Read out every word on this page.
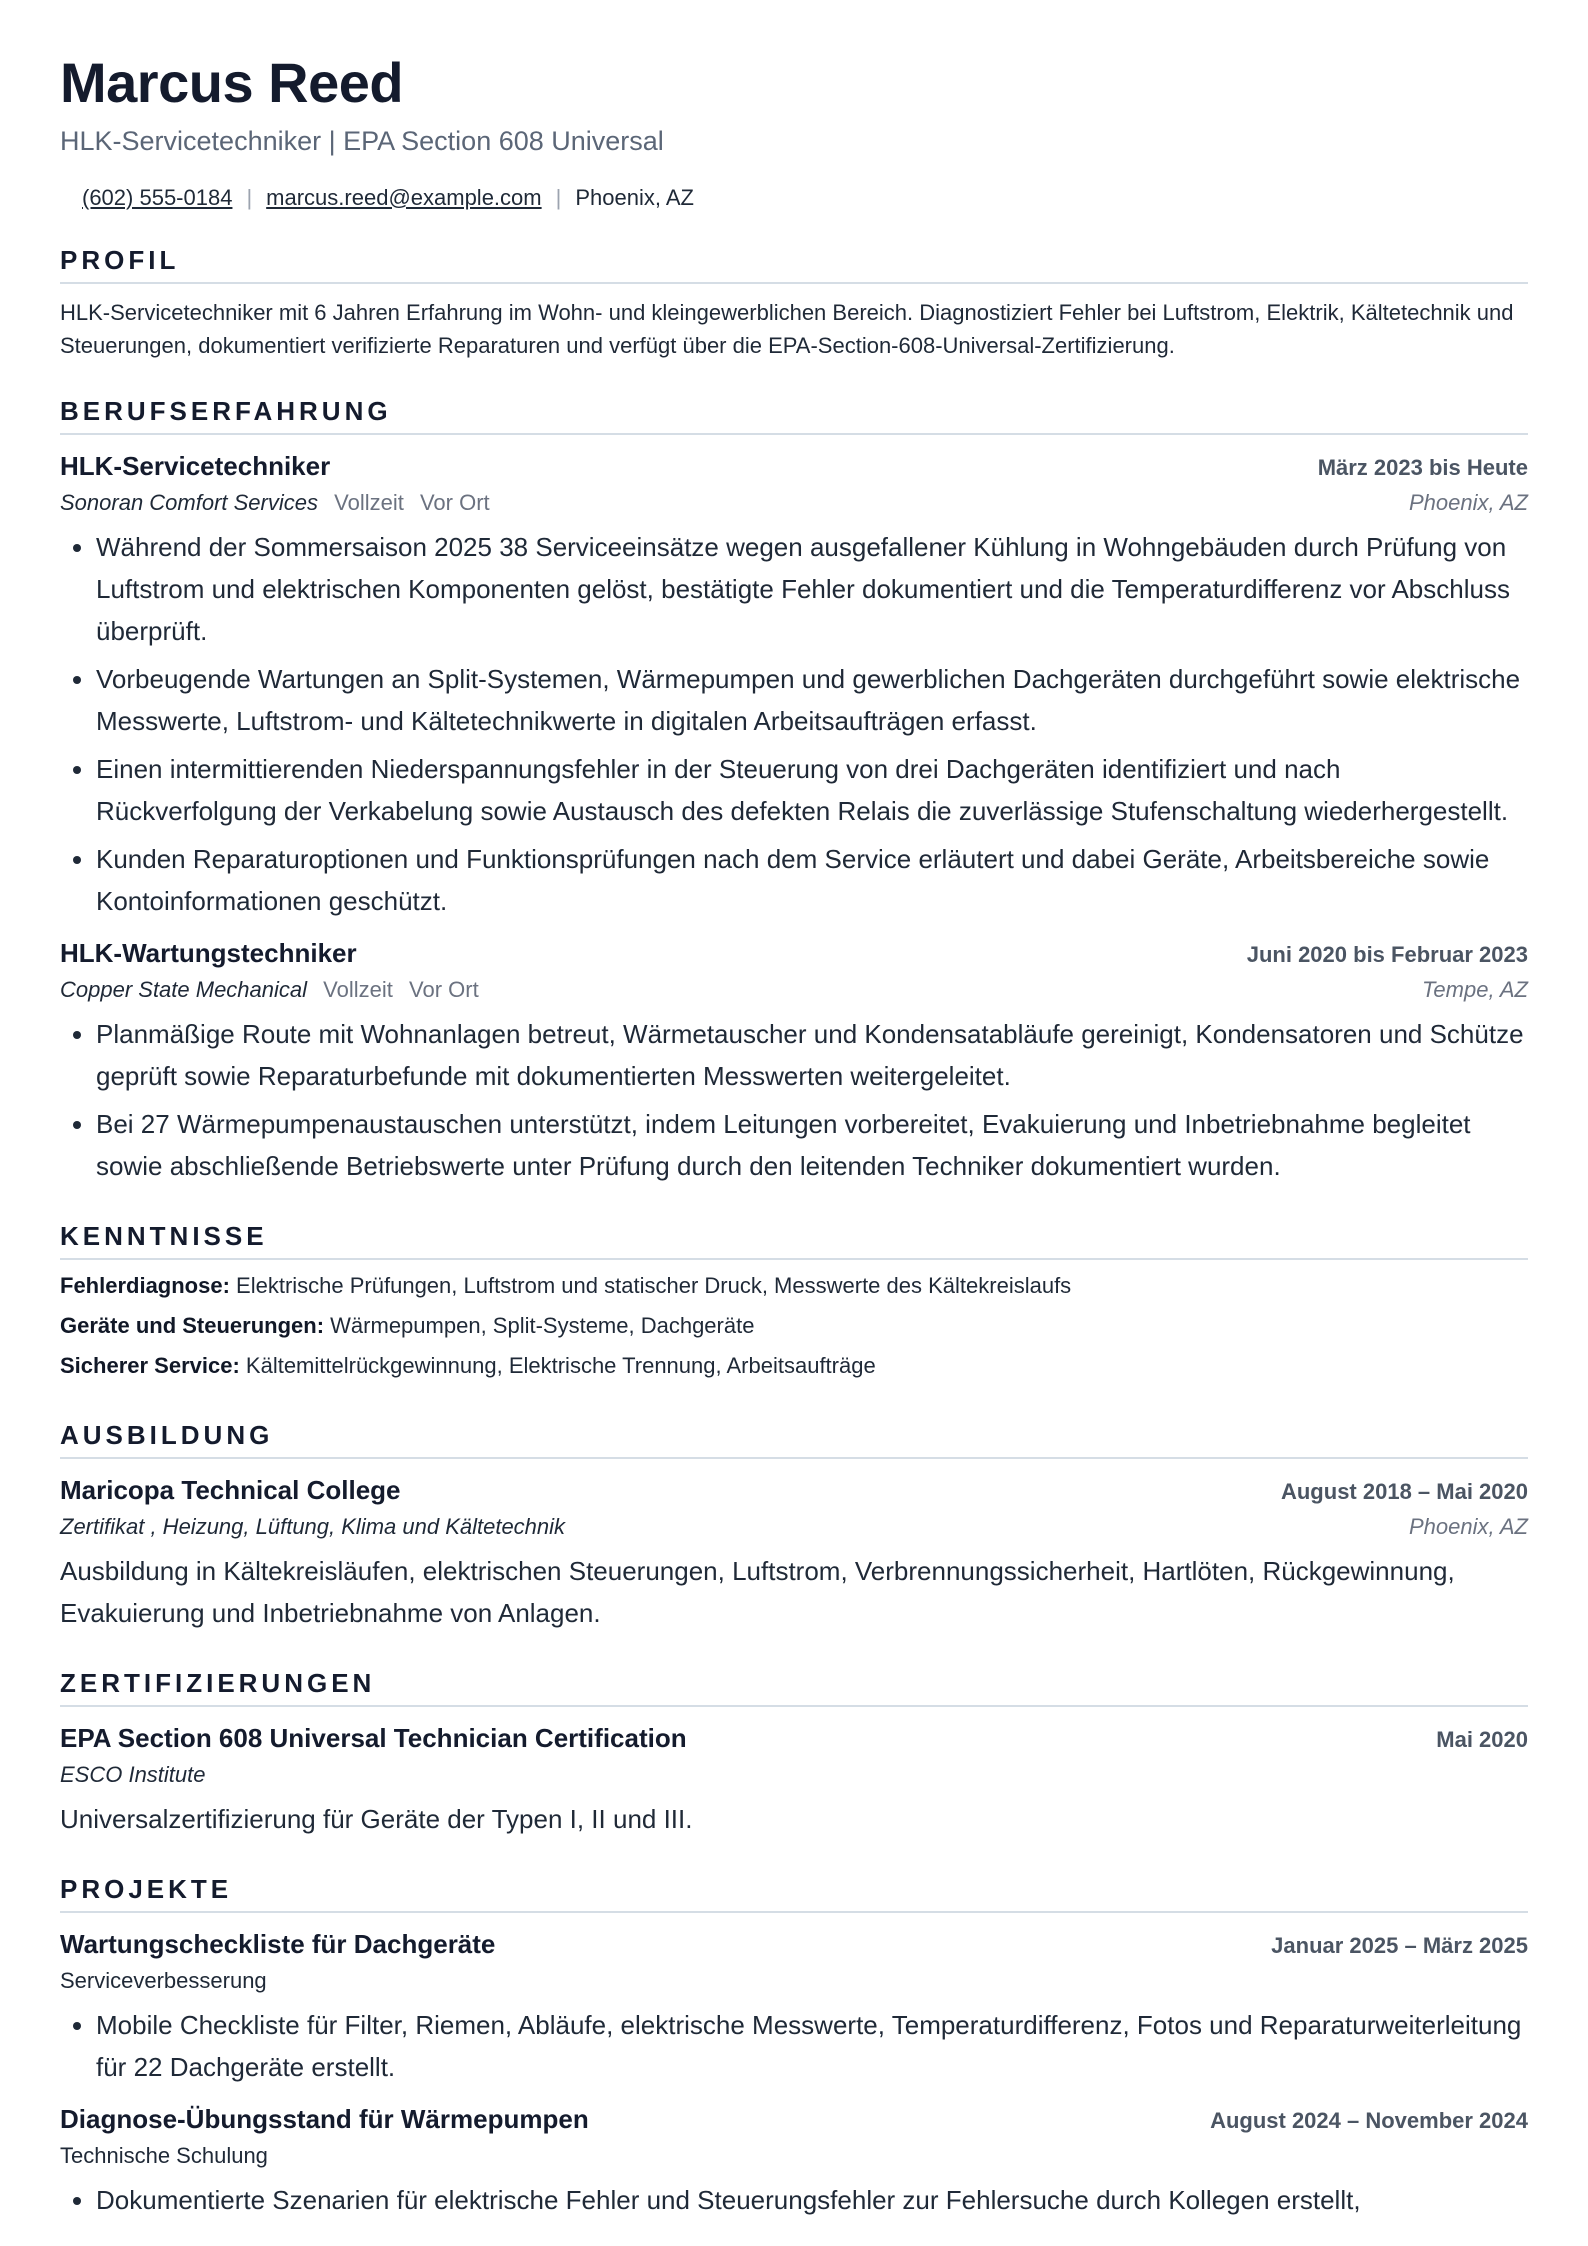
Marcus Reed
HLK-Servicetechniker | EPA Section 608 Universal
(602) 555-0184 | marcus.reed@example.com | Phoenix, AZ
PROFIL
HLK-Servicetechniker mit 6 Jahren Erfahrung im Wohn- und kleingewerblichen Bereich. Diagnostiziert Fehler bei Luftstrom, Elektrik, Kältetechnik und Steuerungen, dokumentiert verifizierte Reparaturen und verfügt über die EPA-Section-608-Universal-Zertifizierung.
BERUFSERFAHRUNG
HLK-Servicetechniker	März 2023 bis Heute
Sonoran Comfort Services Vollzeit Vor Ort	Phoenix, AZ
• Während der Sommersaison 2025 38 Serviceeinsätze wegen ausgefallener Kühlung in Wohngebäuden durch Prüfung von Luftstrom und elektrischen Komponenten gelöst, bestätigte Fehler dokumentiert und die Temperaturdifferenz vor Abschluss überprüft.
• Vorbeugende Wartungen an Split-Systemen, Wärmepumpen und gewerblichen Dachgeräten durchgeführt sowie elektrische Messwerte, Luftstrom- und Kältetechnikwerte in digitalen Arbeitsaufträgen erfasst.
• Einen intermittierenden Niederspannungsfehler in der Steuerung von drei Dachgeräten identifiziert und nach Rückverfolgung der Verkabelung sowie Austausch des defekten Relais die zuverlässige Stufenschaltung wiederhergestellt.
• Kunden Reparaturoptionen und Funktionsprüfungen nach dem Service erläutert und dabei Geräte, Arbeitsbereiche sowie Kontoinformationen geschützt.
HLK-Wartungstechniker	Juni 2020 bis Februar 2023
Copper State Mechanical Vollzeit Vor Ort	Tempe, AZ
• Planmäßige Route mit Wohnanlagen betreut, Wärmetauscher und Kondensatabläufe gereinigt, Kondensatoren und Schütze geprüft sowie Reparaturbefunde mit dokumentierten Messwerten weitergeleitet.
• Bei 27 Wärmepumpenaustauschen unterstützt, indem Leitungen vorbereitet, Evakuierung und Inbetriebnahme begleitet sowie abschließende Betriebswerte unter Prüfung durch den leitenden Techniker dokumentiert wurden.
KENNTNISSE
Fehlerdiagnose: Elektrische Prüfungen, Luftstrom und statischer Druck, Messwerte des Kältekreislaufs
Geräte und Steuerungen: Wärmepumpen, Split-Systeme, Dachgeräte
Sicherer Service: Kältemittelrückgewinnung, Elektrische Trennung, Arbeitsaufträge
AUSBILDUNG
Maricopa Technical College	August 2018 – Mai 2020
Zertifikat , Heizung, Lüftung, Klima und Kältetechnik	Phoenix, AZ
Ausbildung in Kältekreisläufen, elektrischen Steuerungen, Luftstrom, Verbrennungssicherheit, Hartlöten, Rückgewinnung, Evakuierung und Inbetriebnahme von Anlagen.
ZERTIFIZIERUNGEN
EPA Section 608 Universal Technician Certification	Mai 2020
ESCO Institute
Universalzertifizierung für Geräte der Typen I, II und III.
PROJEKTE
Wartungscheckliste für Dachgeräte	Januar 2025 – März 2025
Serviceverbesserung
• Mobile Checkliste für Filter, Riemen, Abläufe, elektrische Messwerte, Temperaturdifferenz, Fotos und Reparaturweiterleitung für 22 Dachgeräte erstellt.
Diagnose-Übungsstand für Wärmepumpen	August 2024 – November 2024
Technische Schulung
• Dokumentierte Szenarien für elektrische Fehler und Steuerungsfehler zur Fehlersuche durch Kollegen erstellt,
